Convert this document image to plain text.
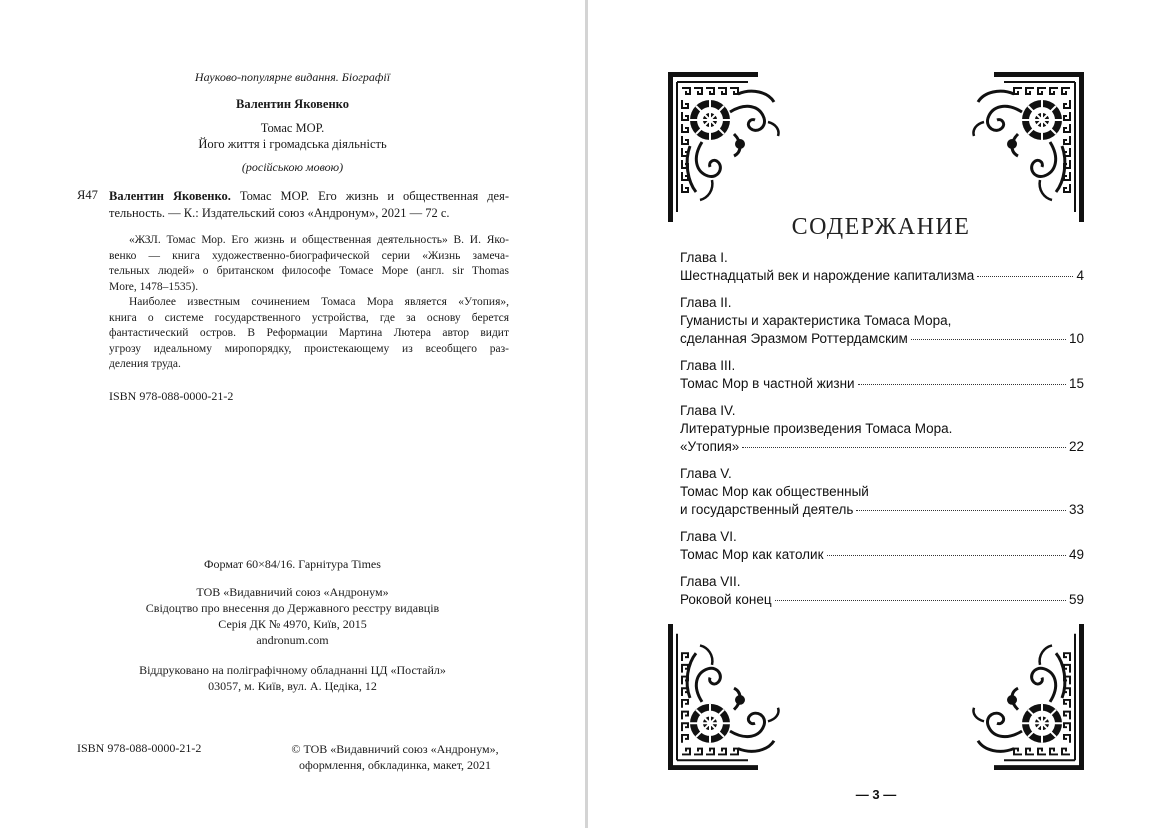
Науково-популярне видання. Біографії
Валентин Яковенко
Томас МОР.
Його життя і громадська діяльність
(російською мовою)
Я47 Валентин Яковенко. Томас МОР. Его жизнь и общественная дея-
тельность. — К.: Издательский союз «Андронум», 2021 — 72 с.
«ЖЗЛ. Томас Мор. Его жизнь и общественная деятельность» В. И. Яко-
венко — книга художественно-биографической серии «Жизнь замеча-
тельных людей» о британском философе Томасе Море (англ. sir Thomas
More, 1478–1535).
Наиболее известным сочинением Томаса Мора является «Утопия»,
книга о системе государственного устройства, где за основу берется
фантастический остров. В Реформации Мартина Лютера автор видит
угрозу идеальному миропорядку, проистекающему из всеобщего раз-
деления труда.
ISBN 978-088-0000-21-2
Формат 60×84/16. Гарнітура Times
ТОВ «Видавничий союз «Андронум»
Свідоцтво про внесення до Державного реєстру видавців
Серія ДК № 4970, Київ, 2015
andronum.com
Віддруковано на поліграфічному обладнанні ЦД «Постайл»
03057, м. Київ, вул. А. Цедіка, 12
ISBN 978-088-0000-21-2	© ТОВ «Видавничий союз «Андронум»,
оформлення, обкладинка, макет, 2021
СОДЕРЖАНИЕ
Глава I.
Шестнадцатый век и нарождение капитализма	4
Глава II.
Гуманисты и характеристика Томаса Мора,
сделанная Эразмом Роттердамским	10
Глава III.
Томас Мор в частной жизни	15
Глава IV.
Литературные произведения Томаса Мора.
«Утопия»	22
Глава V.
Томас Мор как общественный
и государственный деятель	33
Глава VI.
Томас Мор как католик	49
Глава VII.
Роковой конец	59
— 3 —
